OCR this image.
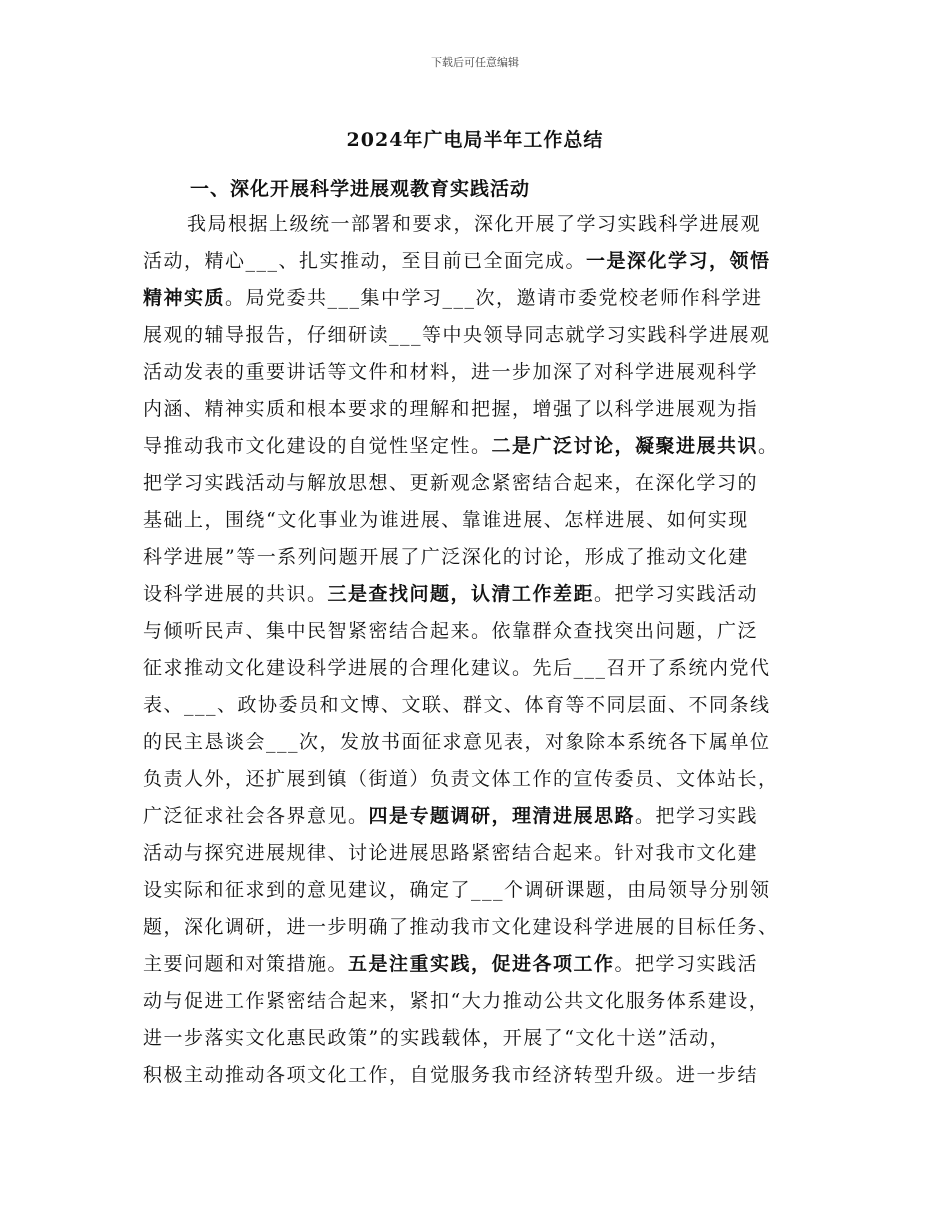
下载后可任意编辑
2024年广电局半年工作总结
一、深化开展科学进展观教育实践活动
我局根据上级统一部署和要求，深化开展了学习实践科学进展观
活动，精心___、扎实推动，至目前已全面完成。一是深化学习，领悟
精神实质。局党委共___集中学习___次，邀请市委党校老师作科学进
展观的辅导报告，仔细研读___等中央领导同志就学习实践科学进展观
活动发表的重要讲话等文件和材料，进一步加深了对科学进展观科学
内涵、精神实质和根本要求的理解和把握，增强了以科学进展观为指
导推动我市文化建设的自觉性坚定性。二是广泛讨论，凝聚进展共识。
把学习实践活动与解放思想、更新观念紧密结合起来，在深化学习的
基础上，围绕“文化事业为谁进展、靠谁进展、怎样进展、如何实现
科学进展”等一系列问题开展了广泛深化的讨论，形成了推动文化建
设科学进展的共识。三是查找问题，认清工作差距。把学习实践活动
与倾听民声、集中民智紧密结合起来。依靠群众查找突出问题，广泛
征求推动文化建设科学进展的合理化建议。先后___召开了系统内党代
表、___、政协委员和文博、文联、群文、体育等不同层面、不同条线
的民主恳谈会___次，发放书面征求意见表，对象除本系统各下属单位
负责人外，还扩展到镇（街道）负责文体工作的宣传委员、文体站长，
广泛征求社会各界意见。四是专题调研，理清进展思路。把学习实践
活动与探究进展规律、讨论进展思路紧密结合起来。针对我市文化建
设实际和征求到的意见建议，确定了___个调研课题，由局领导分别领
题，深化调研，进一步明确了推动我市文化建设科学进展的目标任务、
主要问题和对策措施。五是注重实践，促进各项工作。把学习实践活
动与促进工作紧密结合起来，紧扣“大力推动公共文化服务体系建设，
进一步落实文化惠民政策”的实践载体，开展了“文化十送”活动，
积极主动推动各项文化工作，自觉服务我市经济转型升级。进一步结
